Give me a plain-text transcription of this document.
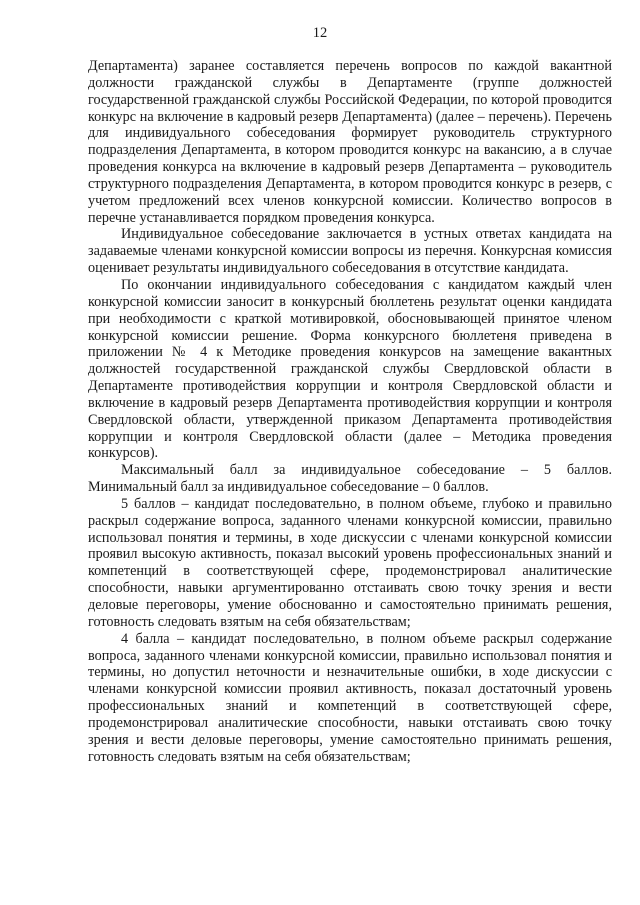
12

Департамента) заранее составляется перечень вопросов по каждой вакантной должности гражданской службы в Департаменте (группе должностей государственной гражданской службы Российской Федерации, по которой проводится конкурс на включение в кадровый резерв Департамента) (далее – перечень). Перечень для индивидуального собеседования формирует руководитель структурного подразделения Департамента, в котором проводится конкурс на вакансию, а в случае проведения конкурса на включение в кадровый резерв Департамента – руководитель структурного подразделения Департамента, в котором проводится конкурс в резерв, с учетом предложений всех членов конкурсной комиссии. Количество вопросов в перечне устанавливается порядком проведения конкурса.

Индивидуальное собеседование заключается в устных ответах кандидата на задаваемые членами конкурсной комиссии вопросы из перечня. Конкурсная комиссия оценивает результаты индивидуального собеседования в отсутствие кандидата.

По окончании индивидуального собеседования с кандидатом каждый член конкурсной комиссии заносит в конкурсный бюллетень результат оценки кандидата при необходимости с краткой мотивировкой, обосновывающей принятое членом конкурсной комиссии решение. Форма конкурсного бюллетеня приведена в приложении № 4 к Методике проведения конкурсов на замещение вакантных должностей государственной гражданской службы Свердловской области в Департаменте противодействия коррупции и контроля Свердловской области и включение в кадровый резерв Департамента противодействия коррупции и контроля Свердловской области, утвержденной приказом Департамента противодействия коррупции и контроля Свердловской области (далее – Методика проведения конкурсов).

Максимальный балл за индивидуальное собеседование – 5 баллов. Минимальный балл за индивидуальное собеседование – 0 баллов.

5 баллов – кандидат последовательно, в полном объеме, глубоко и правильно раскрыл содержание вопроса, заданного членами конкурсной комиссии, правильно использовал понятия и термины, в ходе дискуссии с членами конкурсной комиссии проявил высокую активность, показал высокий уровень профессиональных знаний и компетенций в соответствующей сфере, продемонстрировал аналитические способности, навыки аргументированно отстаивать свою точку зрения и вести деловые переговоры, умение обоснованно и самостоятельно принимать решения, готовность следовать взятым на себя обязательствам;

4 балла – кандидат последовательно, в полном объеме раскрыл содержание вопроса, заданного членами конкурсной комиссии, правильно использовал понятия и термины, но допустил неточности и незначительные ошибки, в ходе дискуссии с членами конкурсной комиссии проявил активность, показал достаточный уровень профессиональных знаний и компетенций в соответствующей сфере, продемонстрировал аналитические способности, навыки отстаивать свою точку зрения и вести деловые переговоры, умение самостоятельно принимать решения, готовность следовать взятым на себя обязательствам;
